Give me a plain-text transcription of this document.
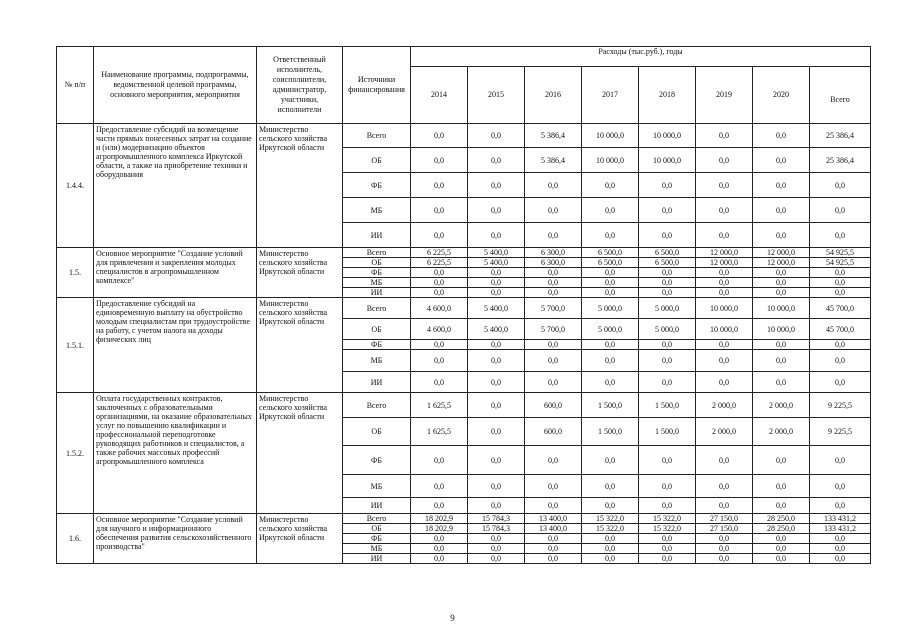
№ п/п	Наименование программы, подпрограммы, ведомственной целевой программы, основного мероприятия, мероприятия	Ответственный исполнитель, соисполнители, администратор, участники, исполнители	Источники финансирования	Расходы (тыс.руб.), годы							
				2014	2015	2016	2017	2018	2019	2020	Всего
1.4.4.	Предоставление субсидий на возмещение части прямых понесенных затрат на создание и (или) модернизацию объектов агропромышленного комплекса Иркутской области, а также на приобретение техники и оборудования	Министерство сельского хозяйства Иркутской области	Всего	0,0	0,0	5 386,4	10 000,0	10 000,0	0,0	0,0	25 386,4
			ОБ	0,0	0,0	5 386,4	10 000,0	10 000,0	0,0	0,0	25 386,4
			ФБ	0,0	0,0	0,0	0,0	0,0	0,0	0,0	0,0
			МБ	0,0	0,0	0,0	0,0	0,0	0,0	0,0	0,0
			ИИ	0,0	0,0	0,0	0,0	0,0	0,0	0,0	0,0
1.5.	Основное мероприятие "Создание условий для привлечения и закрепления молодых специалистов в агропромышленном комплексе"	Министерство сельского хозяйства Иркутской области	Всего	6 225,5	5 400,0	6 300,0	6 500,0	6 500,0	12 000,0	12 000,0	54 925,5
			ОБ	6 225,5	5 400,0	6 300,0	6 500,0	6 500,0	12 000,0	12 000,0	54 925,5
			ФБ	0,0	0,0	0,0	0,0	0,0	0,0	0,0	0,0
			МБ	0,0	0,0	0,0	0,0	0,0	0,0	0,0	0,0
			ИИ	0,0	0,0	0,0	0,0	0,0	0,0	0,0	0,0
1.5.1.	Предоставление субсидий на единовременную выплату на обустройство молодым специалистам при трудоустройстве на работу, с учетом налога на доходы физических лиц	Министерство сельского хозяйства Иркутской области	Всего	4 600,0	5 400,0	5 700,0	5 000,0	5 000,0	10 000,0	10 000,0	45 700,0
			ОБ	4 600,0	5 400,0	5 700,0	5 000,0	5 000,0	10 000,0	10 000,0	45 700,0
			ФБ	0,0	0,0	0,0	0,0	0,0	0,0	0,0	0,0
			МБ	0,0	0,0	0,0	0,0	0,0	0,0	0,0	0,0
			ИИ	0,0	0,0	0,0	0,0	0,0	0,0	0,0	0,0
1.5.2.	Оплата государственных контрактов, заключенных с образовательными организациями, на оказание образовательных услуг по повышению квалификации и профессиональной переподготовке руководящих работников и специалистов, а также рабочих массовых профессий агропромышленного комплекса	Министерство сельского хозяйства Иркутской области	Всего	1 625,5	0,0	600,0	1 500,0	1 500,0	2 000,0	2 000,0	9 225,5
			ОБ	1 625,5	0,0	600,0	1 500,0	1 500,0	2 000,0	2 000,0	9 225,5
			ФБ	0,0	0,0	0,0	0,0	0,0	0,0	0,0	0,0
			МБ	0,0	0,0	0,0	0,0	0,0	0,0	0,0	0,0
			ИИ	0,0	0,0	0,0	0,0	0,0	0,0	0,0	0,0
1.6.	Основное мероприятие "Создание условий для научного и информационного обеспечения развития сельскохозяйственного производства"	Министерство сельского хозяйства Иркутской области	Всего	18 202,9	15 784,3	13 400,0	15 322,0	15 322,0	27 150,0	28 250,0	133 431,2
			ОБ	18 202,9	15 784,3	13 400,0	15 322,0	15 322,0	27 150,0	28 250,0	133 431,2
			ФБ	0,0	0,0	0,0	0,0	0,0	0,0	0,0	0,0
			МБ	0,0	0,0	0,0	0,0	0,0	0,0	0,0	0,0
			ИИ	0,0	0,0	0,0	0,0	0,0	0,0	0,0	0,0
9
